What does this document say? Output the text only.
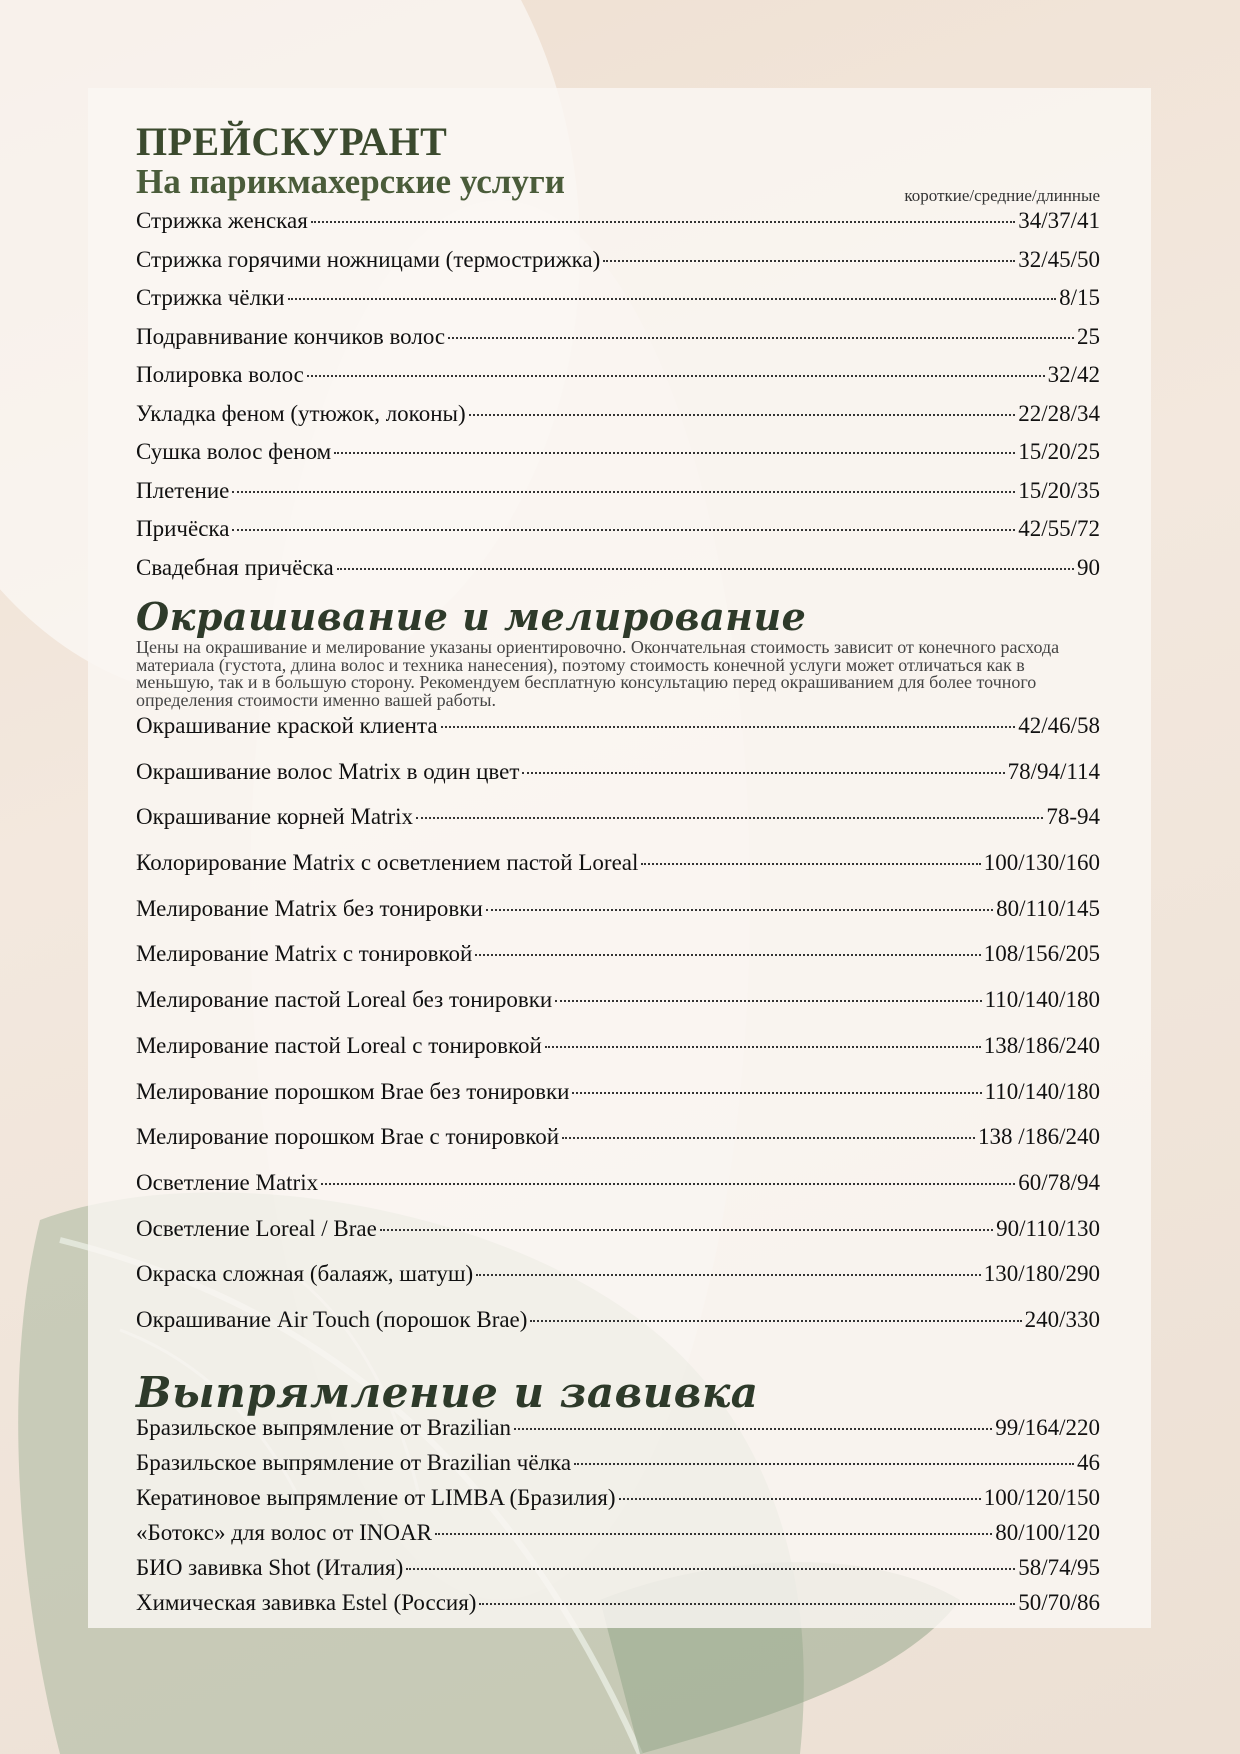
ПРЕЙСКУРАНТ
На парикмахерские услуги	короткие/средние/длинные
Стрижка женская	34/37/41
Стрижка горячими ножницами (термострижка)	32/45/50
Стрижка чёлки	8/15
Подравнивание кончиков волос	25
Полировка волос	32/42
Укладка феном (утюжок, локоны)	22/28/34
Сушка волос феном	15/20/25
Плетение	15/20/35
Причёска	42/55/72
Свадебная причёска	90
Окрашивание и мелирование

Цены на окрашивание и мелирование указаны ориентировочно. Окончательная стоимость зависит от конечного расхода материала (густота, длина волос и техника нанесения), поэтому стоимость конечной услуги может отличаться как в меньшую, так и в большую сторону. Рекомендуем бесплатную консультацию перед окрашиванием для более точного определения стоимости именно вашей работы.

Окрашивание краской клиента	42/46/58
Окрашивание волос Matrix в один цвет	78/94/114
Окрашивание корней Matrix	78-94
Колорирование Matrix с осветлением пастой Loreal	100/130/160
Мелирование Matrix без тонировки	80/110/145
Мелирование Matrix с тонировкой	108/156/205
Мелирование пастой Loreal без тонировки	110/140/180
Мелирование пастой Loreal с тонировкой	138/186/240
Мелирование порошком Brae без тонировки	110/140/180
Мелирование порошком Brae с тонировкой	138 /186/240
Осветление Matrix	60/78/94
Осветление Loreal / Brae	90/110/130
Окраска сложная (балаяж, шатуш)	130/180/290
Окрашивание Air Touch (порошок Brae)	240/330
Выпрямление и завивка
Бразильское выпрямление от Brazilian	99/164/220
Бразильское выпрямление от Brazilian чёлка	46
Кератиновое выпрямление от LIMBA (Бразилия)	100/120/150
«Ботокс» для волос от INOAR	80/100/120
БИО завивка Shot (Италия)	58/74/95
Химическая завивка Estel (Россия)	50/70/86
